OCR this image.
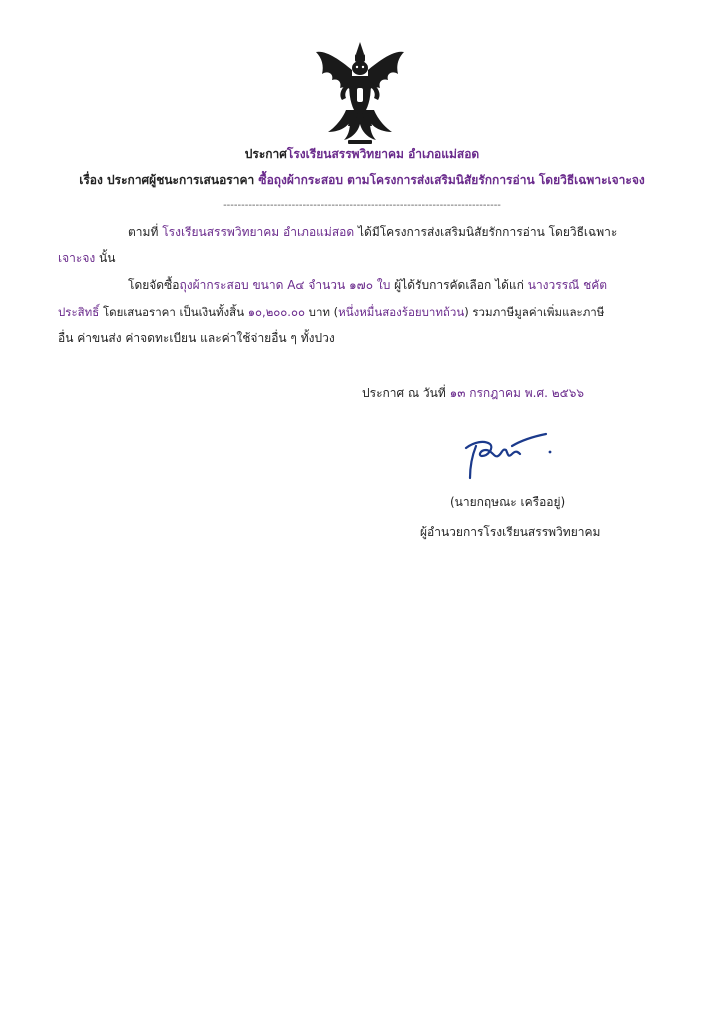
ประกาศโรงเรียนสรรพวิทยาคม อำเภอแม่สอด
เรื่อง ประกาศผู้ชนะการเสนอราคา ซื้อถุงผ้ากระสอบ ตามโครงการส่งเสริมนิสัยรักการอ่าน โดยวิธีเฉพาะเจาะจง
-----------------------------------------------------------------------------
ตามที่ โรงเรียนสรรพวิทยาคม อำเภอแม่สอด ได้มีโครงการส่งเสริมนิสัยรักการอ่าน โดยวิธีเฉพาะ
เจาะจง นั้น
โดยจัดซื้อถุงผ้ากระสอบ ขนาด A๔ จำนวน ๑๗๐ ใบ ผู้ได้รับการคัดเลือก ได้แก่ นางวรรณี ชคัต
ประสิทธิ์ โดยเสนอราคา เป็นเงินทั้งสิ้น ๑๐,๒๐๐.๐๐ บาท (หนึ่งหมื่นสองร้อยบาทถ้วน) รวมภาษีมูลค่าเพิ่มและภาษี
อื่น ค่าขนส่ง ค่าจดทะเบียน และค่าใช้จ่ายอื่น ๆ ทั้งปวง
ประกาศ ณ วันที่ ๑๓ กรกฎาคม พ.ศ. ๒๕๖๖
(นายกฤษณะ เครืออยู่)
ผู้อำนวยการโรงเรียนสรรพวิทยาคม
